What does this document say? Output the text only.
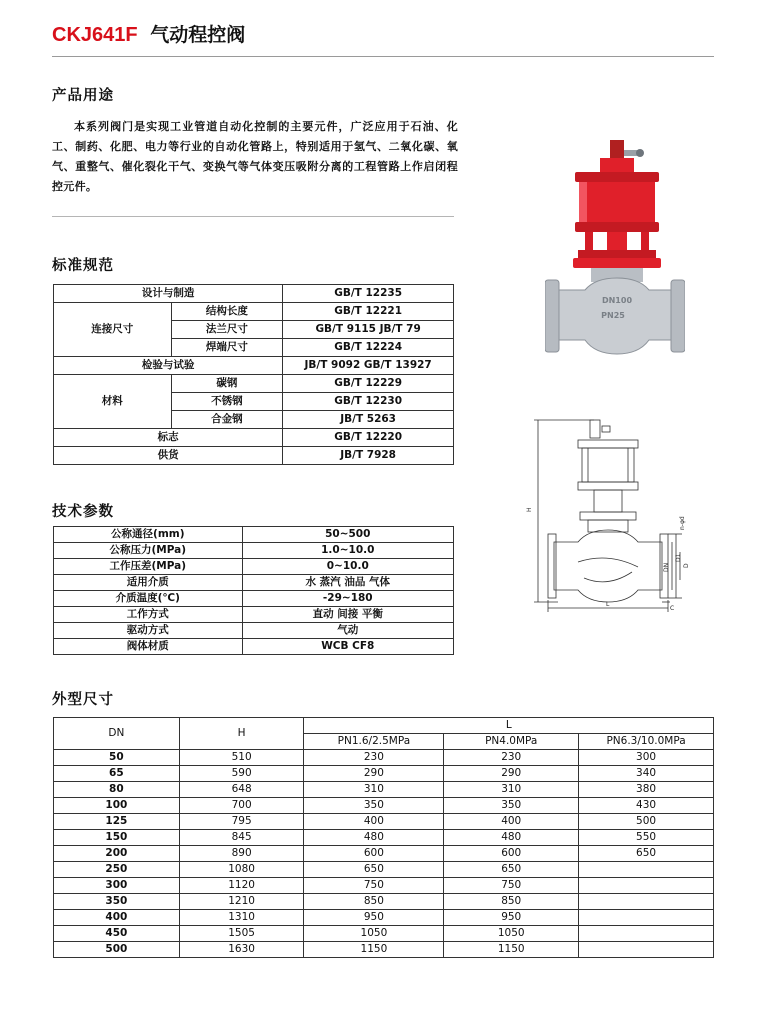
CKJ641F 气动程控阀
产品用途
本系列阀门是实现工业管道自动化控制的主要元件，广泛应用于石油、化工、制药、化肥、电力等行业的自动化管路上，特别适用于氢气、二氧化碳、氧气、重整气、催化裂化干气、变换气等气体变压吸附分离的工程管路上作启闭程控元件。
标准规范
设计与制造		GB/T 12235
连接尺寸	结构长度	GB/T 12221
	法兰尺寸	GB/T 9115 JB/T 79
	焊端尺寸	GB/T 12224
检验与试验		JB/T 9092 GB/T 13927
材料	碳钢	GB/T 12229
	不锈钢	GB/T 12230
	合金钢	JB/T 5263
标志		GB/T 12220
供货		JB/T 7928
技术参数
公称通径(mm)	50~500
公称压力(MPa)	1.0~10.0
工作压差(MPa)	0~10.0
适用介质	水 蒸汽 油品 气体
介质温度(℃)	-29~180
工作方式	直动 间接 平衡
驱动方式	气动
阀体材质	WCB CF8
外型尺寸
DN	H	L		
		PN1.6/2.5MPa	PN4.0MPa	PN6.3/10.0MPa
50	510	230	230	300
65	590	290	290	340
80	648	310	310	380
100	700	350	350	430
125	795	400	400	500
150	845	480	480	550
200	890	600	600	650
250	1080	650	650	
300	1120	750	750	
350	1210	850	850	
400	1310	950	950	
450	1505	1050	1050	
500	1630	1150	1150	
DN100
PN25
H
L
DN
n-φd
D
D1
C
